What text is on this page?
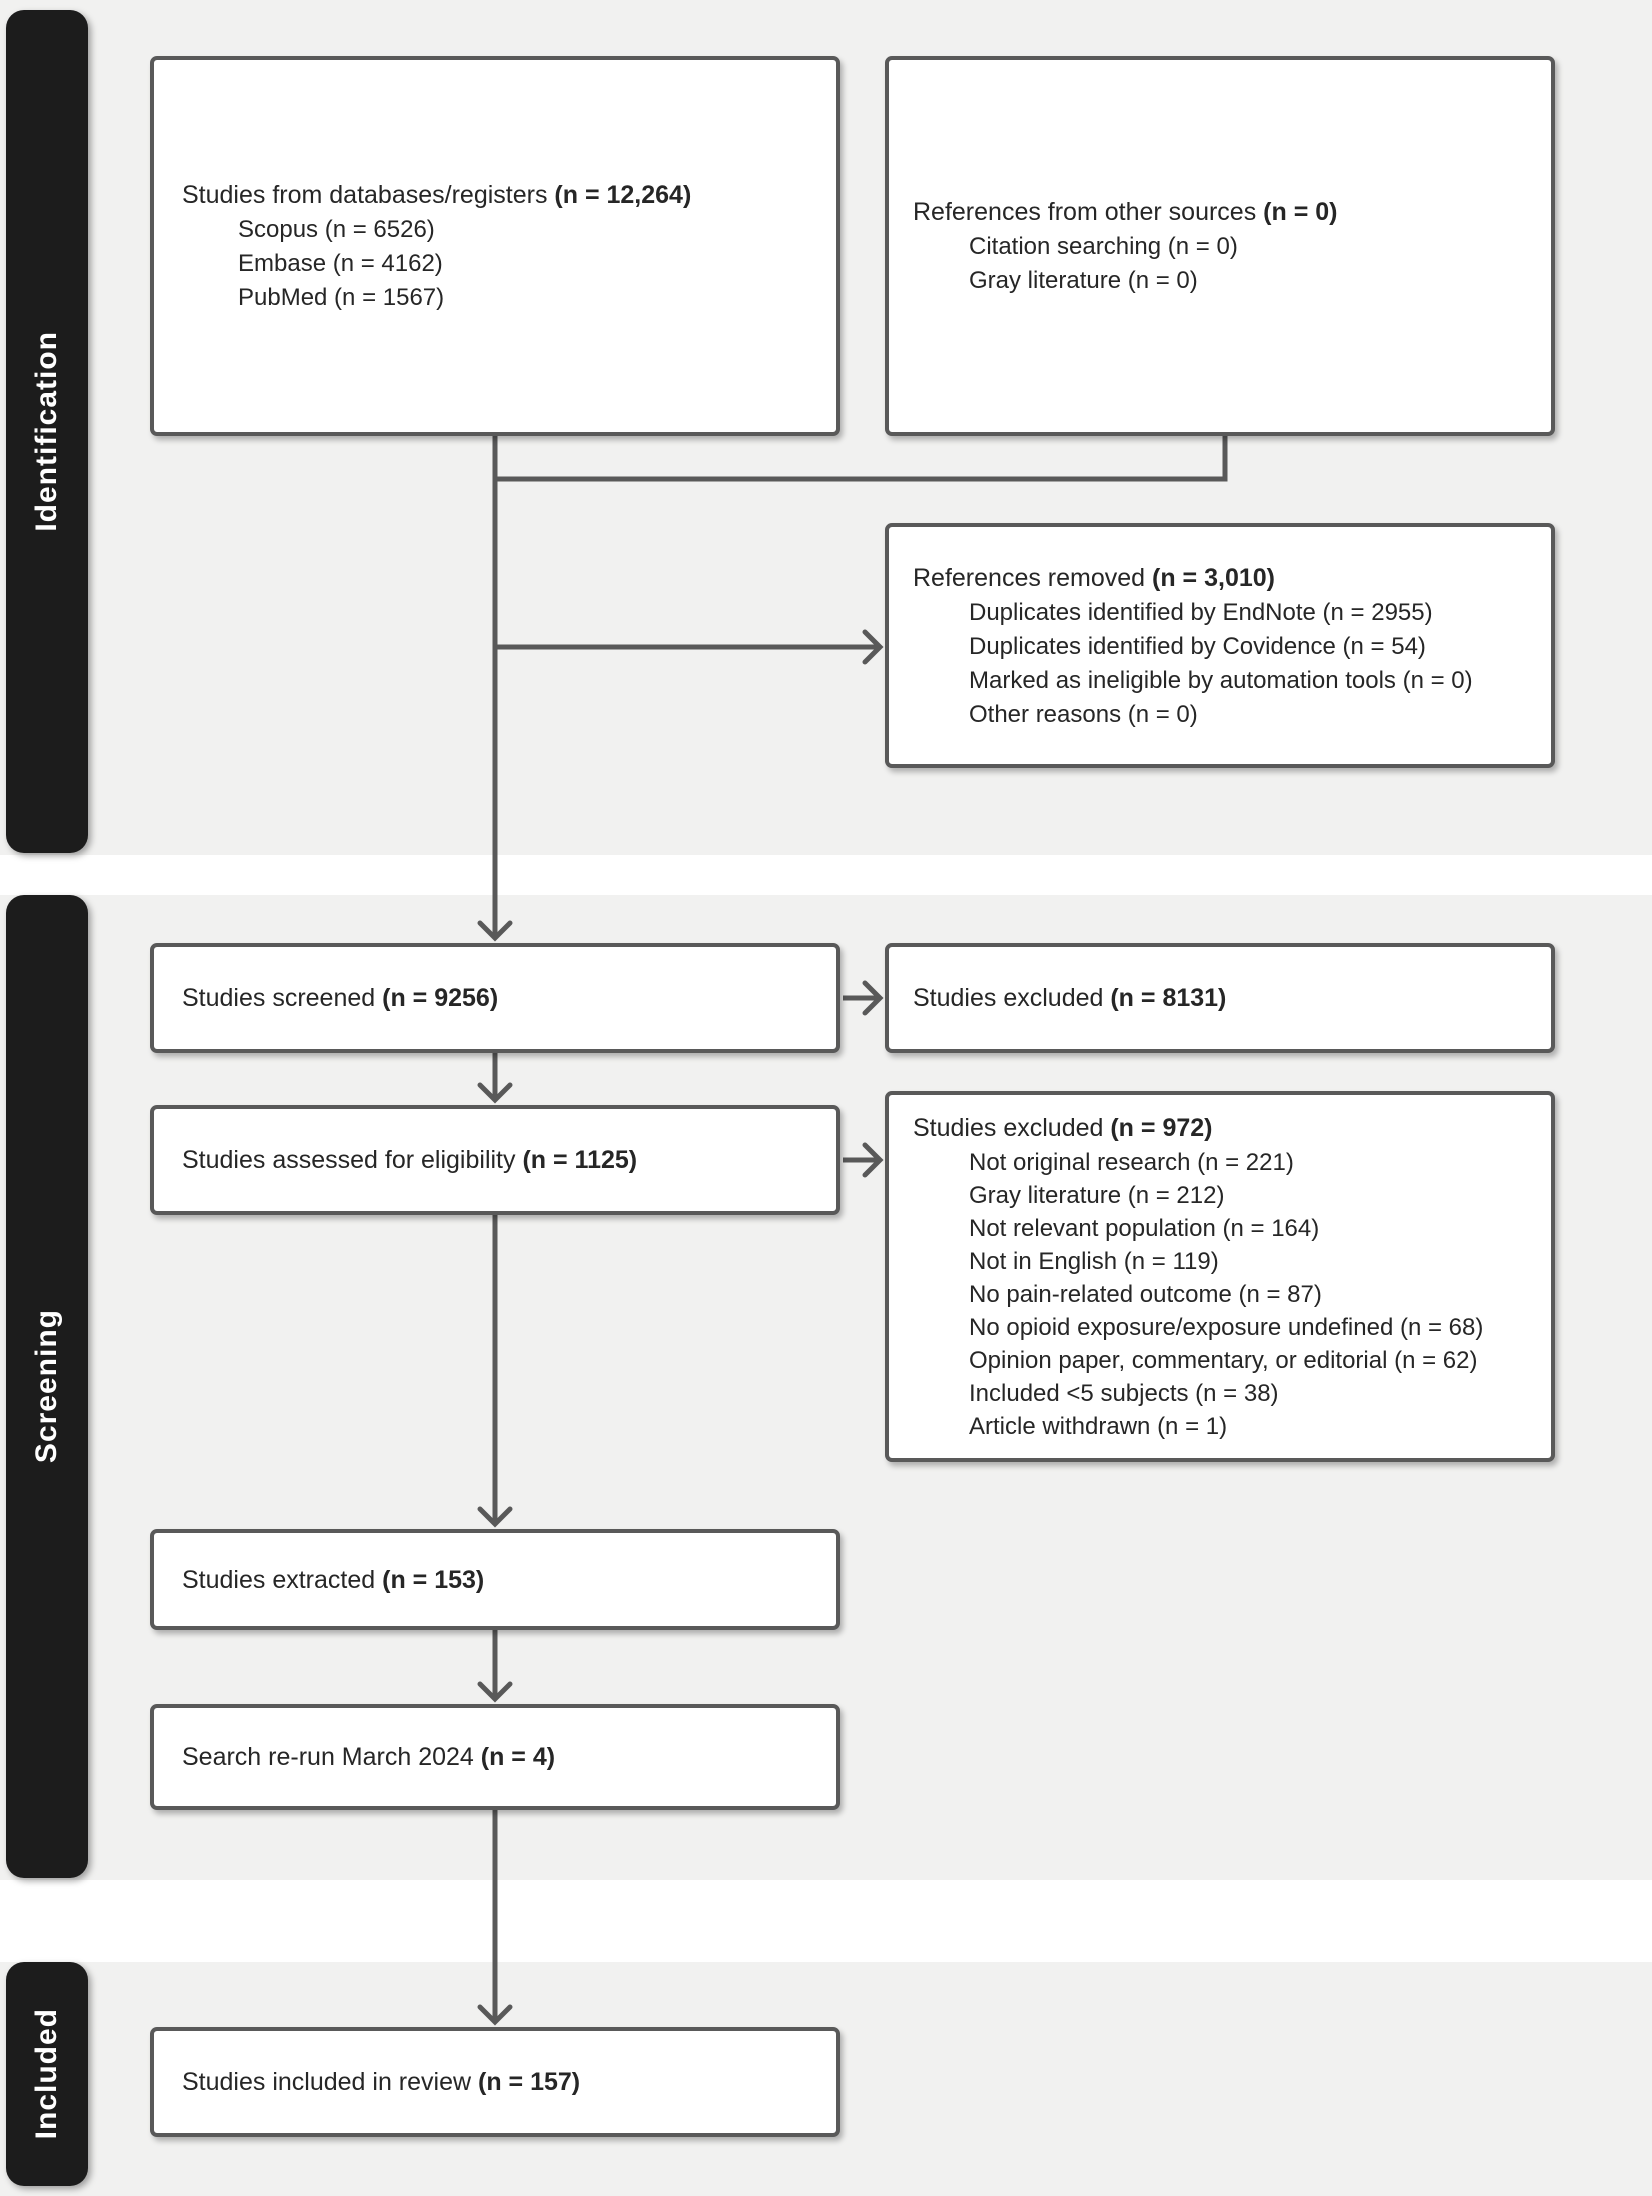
Identification
Screening
Included
Studies from databases/registers (n = 12,264)
Scopus (n = 6526)
Embase (n = 4162)
PubMed (n = 1567)
References from other sources (n = 0)
Citation searching (n = 0)
Gray literature (n = 0)
References removed (n = 3,010)
Duplicates identified by EndNote (n = 2955)
Duplicates identified by Covidence (n = 54)
Marked as ineligible by automation tools (n = 0)
Other reasons (n = 0)
Studies screened (n = 9256)	Studies excluded (n = 8131)
Studies assessed for eligibility (n = 1125)
Studies excluded (n = 972)
Not original research (n = 221)
Gray literature (n = 212)
Not relevant population (n = 164)
Not in English (n = 119)
No pain-related outcome (n = 87)
No opioid exposure/exposure undefined (n = 68)
Opinion paper, commentary, or editorial (n = 62)
Included <5 subjects (n = 38)
Article withdrawn (n = 1)
Studies extracted (n = 153)
Search re-run March 2024 (n = 4)
Studies included in review (n = 157)
